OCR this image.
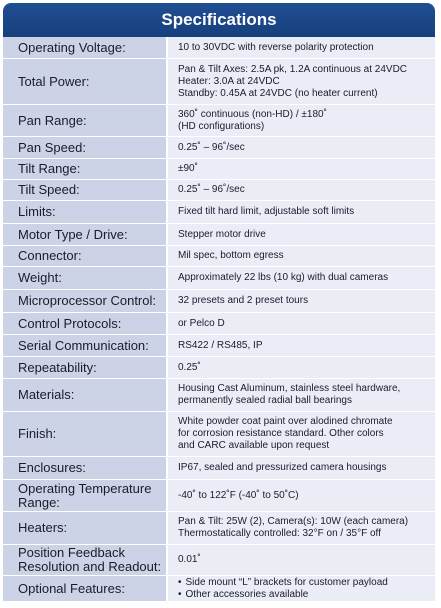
Specifications
Operating Voltage:	10 to 30VDC with reverse polarity protection
Total Power:
Pan & Tilt Axes: 2.5A pk, 1.2A continuous at 24VDC
Heater: 3.0A at 24VDC
Standby: 0.45A at 24VDC (no heater current)
Pan Range:	360˚ continuous (non-HD) / ±180˚
(HD configurations)
Pan Speed:	0.25˚ – 96˚/sec
Tilt Range:	±90˚
Tilt Speed:	0.25˚ – 96˚/sec
Limits:	Fixed tilt hard limit, adjustable soft limits
Motor Type / Drive:	Stepper motor drive
Connector:	Mil spec, bottom egress
Weight:	Approximately 22 lbs (10 kg) with dual cameras
Microprocessor Control:	32 presets and 2 preset tours
Control Protocols:	or Pelco D
Serial Communication:	RS422 / RS485, IP
Repeatability:	0.25˚
Materials:	Housing Cast Aluminum, stainless steel hardware,
permanently sealed radial ball bearings
Finish:
White powder coat paint over alodined chromate
for corrosion resistance standard. Other colors
and CARC available upon request
Enclosures:	IP67, sealed and pressurized camera housings
Operating Temperature Range:	-40˚ to 122˚F (-40˚ to 50˚C)
Heaters:	Pan & Tilt: 25W (2), Camera(s): 10W (each camera)
Thermostatically controlled: 32°F on / 35°F off
Position Feedback Resolution and Readout:	0.01˚
Optional Features:
•	Side mount “L” brackets for customer payload
• Other accessories available
